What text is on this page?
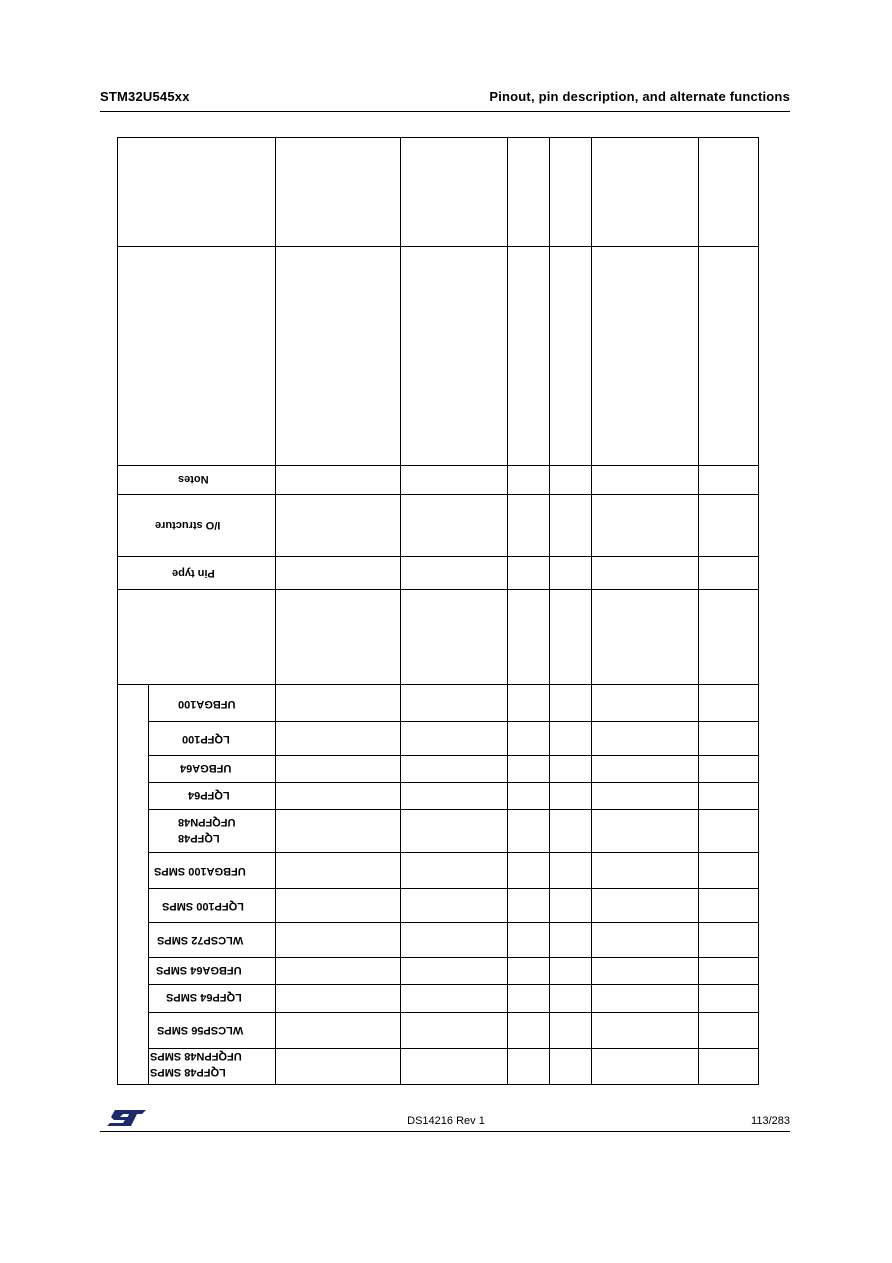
STM32U545xx	Pinout, pin description, and alternate functions
Notes
I/O structure
Pin type
UFBGA100
LQFP100
UFBGA64
LQFP64
LQFP48
UFQFPN48
UFBGA100 SMPS
LQFP100 SMPS
WLCSP72 SMPS
UFBGA64 SMPS
LQFP64 SMPS
WLCSP56 SMPS
LQFP48 SMPS
UFQFPN48 SMPS
DS14216 Rev 1	113/283
